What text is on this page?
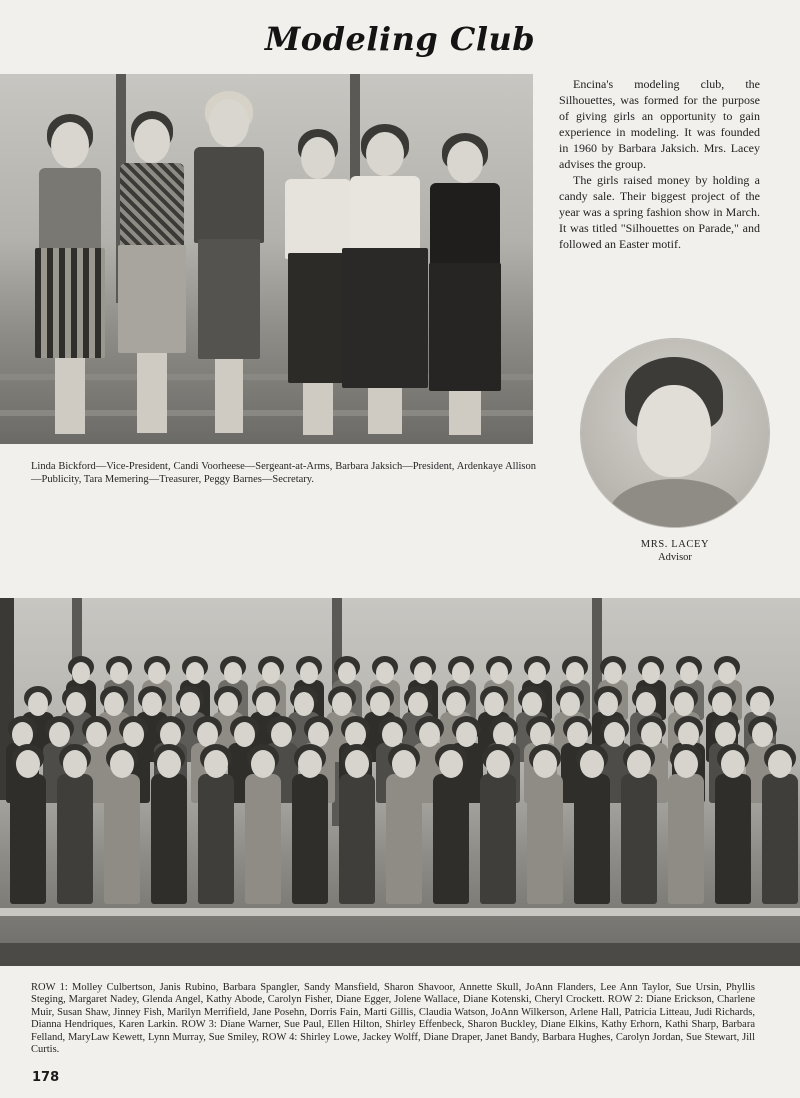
Modeling Club
Linda Bickford—Vice-President, Candi Voorheese—Sergeant-at-Arms, Barbara Jaksich—President, Ardenkaye Allison—Publicity, Tara Memering—Treasurer, Peggy Barnes—Secretary.

Encina's modeling club, the Silhouettes, was formed for the purpose of giving girls an opportunity to gain experience in modeling. It was founded in 1960 by Barbara Jaksich. Mrs. Lacey advises the group.

The girls raised money by holding a candy sale. Their biggest project of the year was a spring fashion show in March. It was titled "Silhouettes on Parade," and followed an Easter motif.

MRS. LACEY
Advisor
ROW 1: Molley Culbertson, Janis Rubino, Barbara Spangler, Sandy Mansfield, Sharon Shavoor, Annette Skull, JoAnn Flanders, Lee Ann Taylor, Sue Ursin, Phyllis Steging, Margaret Nadey, Glenda Angel, Kathy Abode, Carolyn Fisher, Diane Egger, Jolene Wallace, Diane Kotenski, Cheryl Crockett. ROW 2: Diane Erickson, Charlene Muir, Susan Shaw, Jinney Fish, Marilyn Merrifield, Jane Posehn, Dorris Fain, Marti Gillis, Claudia Watson, JoAnn Wilkerson, Arlene Hall, Patricia Litteau, Judi Richards, Dianna Hendriques, Karen Larkin. ROW 3: Diane Warner, Sue Paul, Ellen Hilton, Shirley Effenbeck, Sharon Buckley, Diane Elkins, Kathy Erhorn, Kathi Sharp, Barbara Felland, MaryLaw Kewett, Lynn Murray, Sue Smiley, ROW 4: Shirley Lowe, Jackey Wolff, Diane Draper, Janet Bandy, Barbara Hughes, Carolyn Jordan, Sue Stewart, Jill Curtis.
178
